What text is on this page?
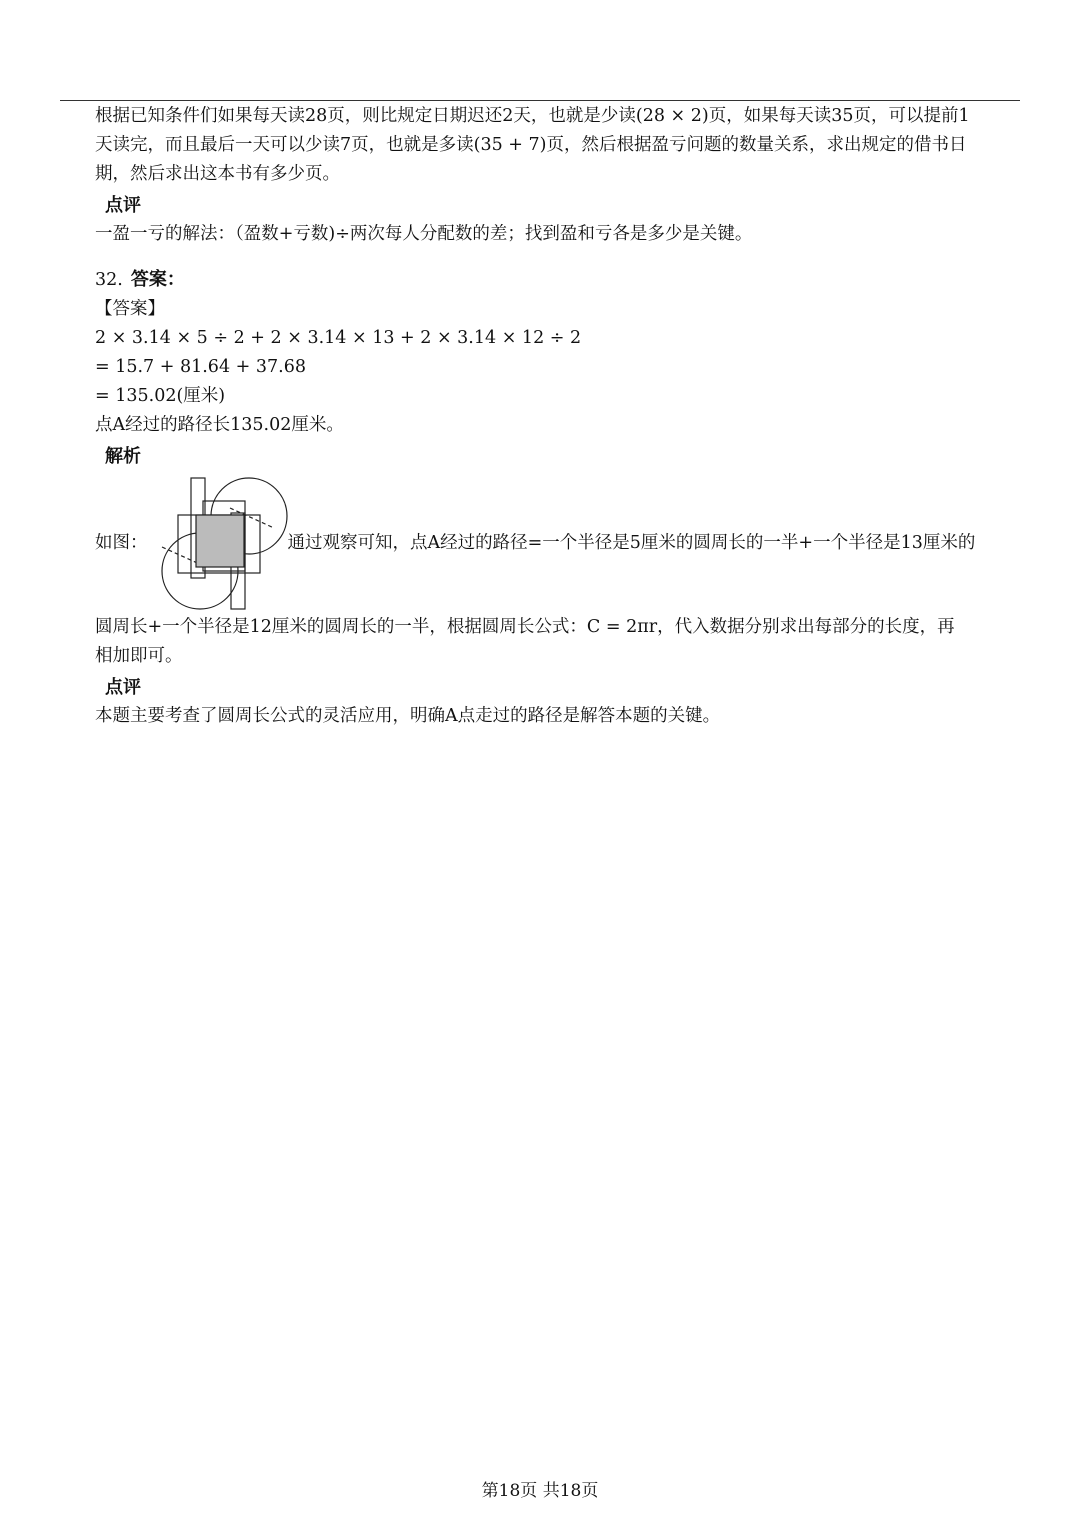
根据已知条件们如果每天读28页，则比规定日期迟还2天，也就是少读(28 × 2)页，如果每天读35页，可以提前1

天读完，而且最后一天可以少读7页，也就是多读(35 + 7)页，然后根据盈亏问题的数量关系，求出规定的借书日

期，然后求出这本书有多少页。

点评

一盈一亏的解法：（盈数+亏数)÷两次每人分配数的差；找到盈和亏各是多少是关键。

32. 答案：

【答案】

2 × 3.14 × 5 ÷ 2 + 2 × 3.14 × 13 + 2 × 3.14 × 12 ÷ 2

= 15.7 + 81.64 + 37.68

= 135.02(厘米)

点A经过的路径长135.02厘米。

解析

如图：	通过观察可知，点A经过的路径=一个半径是5厘米的圆周长的一半+一个半径是13厘米的

圆周长+一个半径是12厘米的圆周长的一半，根据圆周长公式：C = 2πr，代入数据分别求出每部分的长度，再

相加即可。

点评

本题主要考查了圆周长公式的灵活应用，明确A点走过的路径是解答本题的关键。

第18页 共18页
